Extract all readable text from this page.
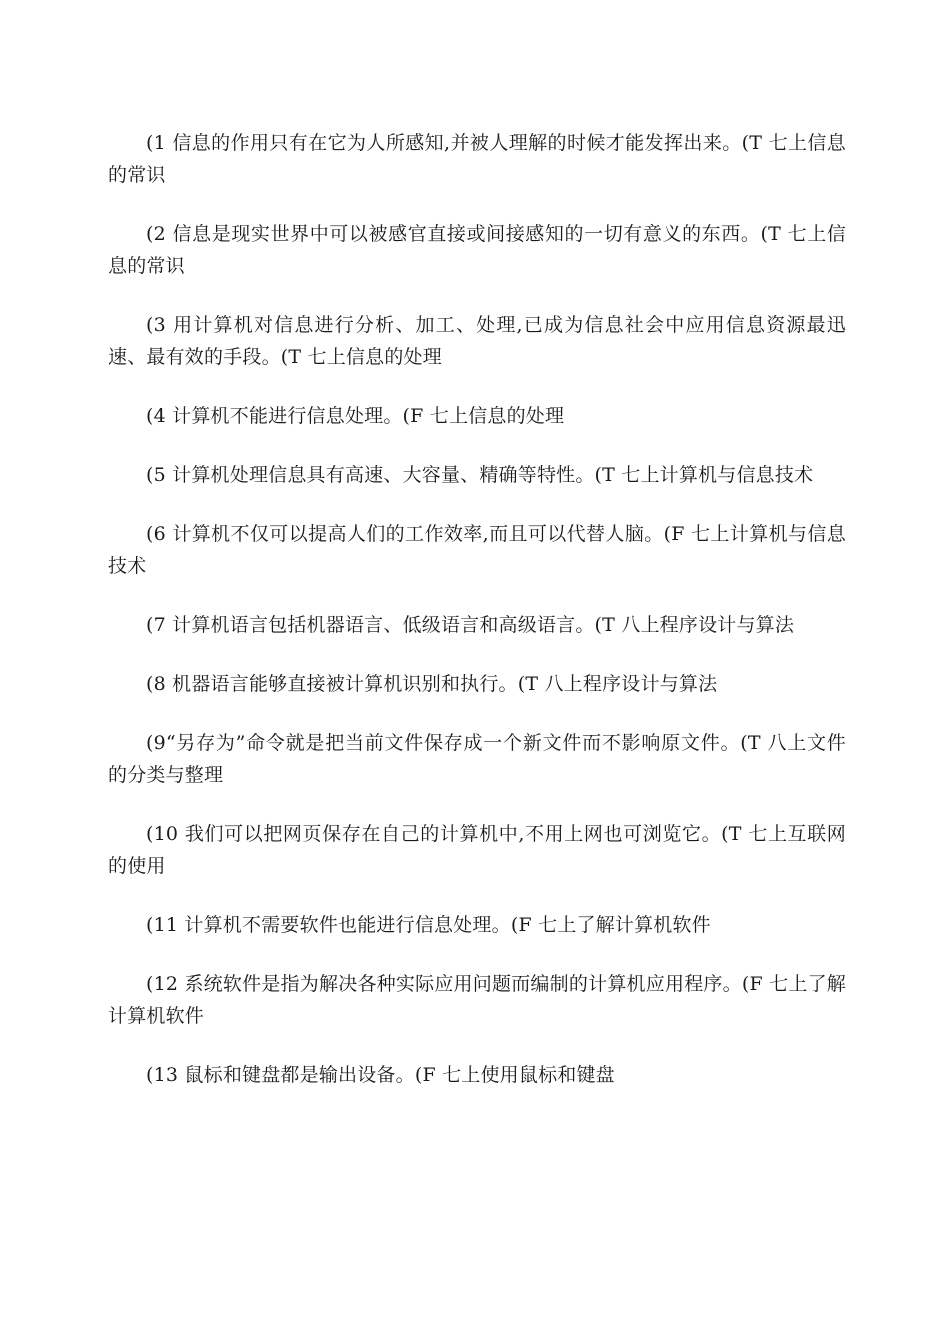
(1 信息的作用只有在它为人所感知,并被人理解的时候才能发挥出来。(T 七上信息的常识

(2 信息是现实世界中可以被感官直接或间接感知的一切有意义的东西。(T 七上信息的常识

(3 用计算机对信息进行分析、加工、处理,已成为信息社会中应用信息资源最迅速、最有效的手段。(T 七上信息的处理

(4 计算机不能进行信息处理。(F 七上信息的处理

(5 计算机处理信息具有高速、大容量、精确等特性。(T 七上计算机与信息技术

(6 计算机不仅可以提高人们的工作效率,而且可以代替人脑。(F 七上计算机与信息技术

(7 计算机语言包括机器语言、低级语言和高级语言。(T 八上程序设计与算法

(8 机器语言能够直接被计算机识别和执行。(T 八上程序设计与算法

(9“另存为”命令就是把当前文件保存成一个新文件而不影响原文件。(T 八上文件的分类与整理

(10 我们可以把网页保存在自己的计算机中,不用上网也可浏览它。(T 七上互联网的使用

(11 计算机不需要软件也能进行信息处理。(F 七上了解计算机软件

(12 系统软件是指为解决各种实际应用问题而编制的计算机应用程序。(F 七上了解计算机软件

(13 鼠标和键盘都是输出设备。(F 七上使用鼠标和键盘
